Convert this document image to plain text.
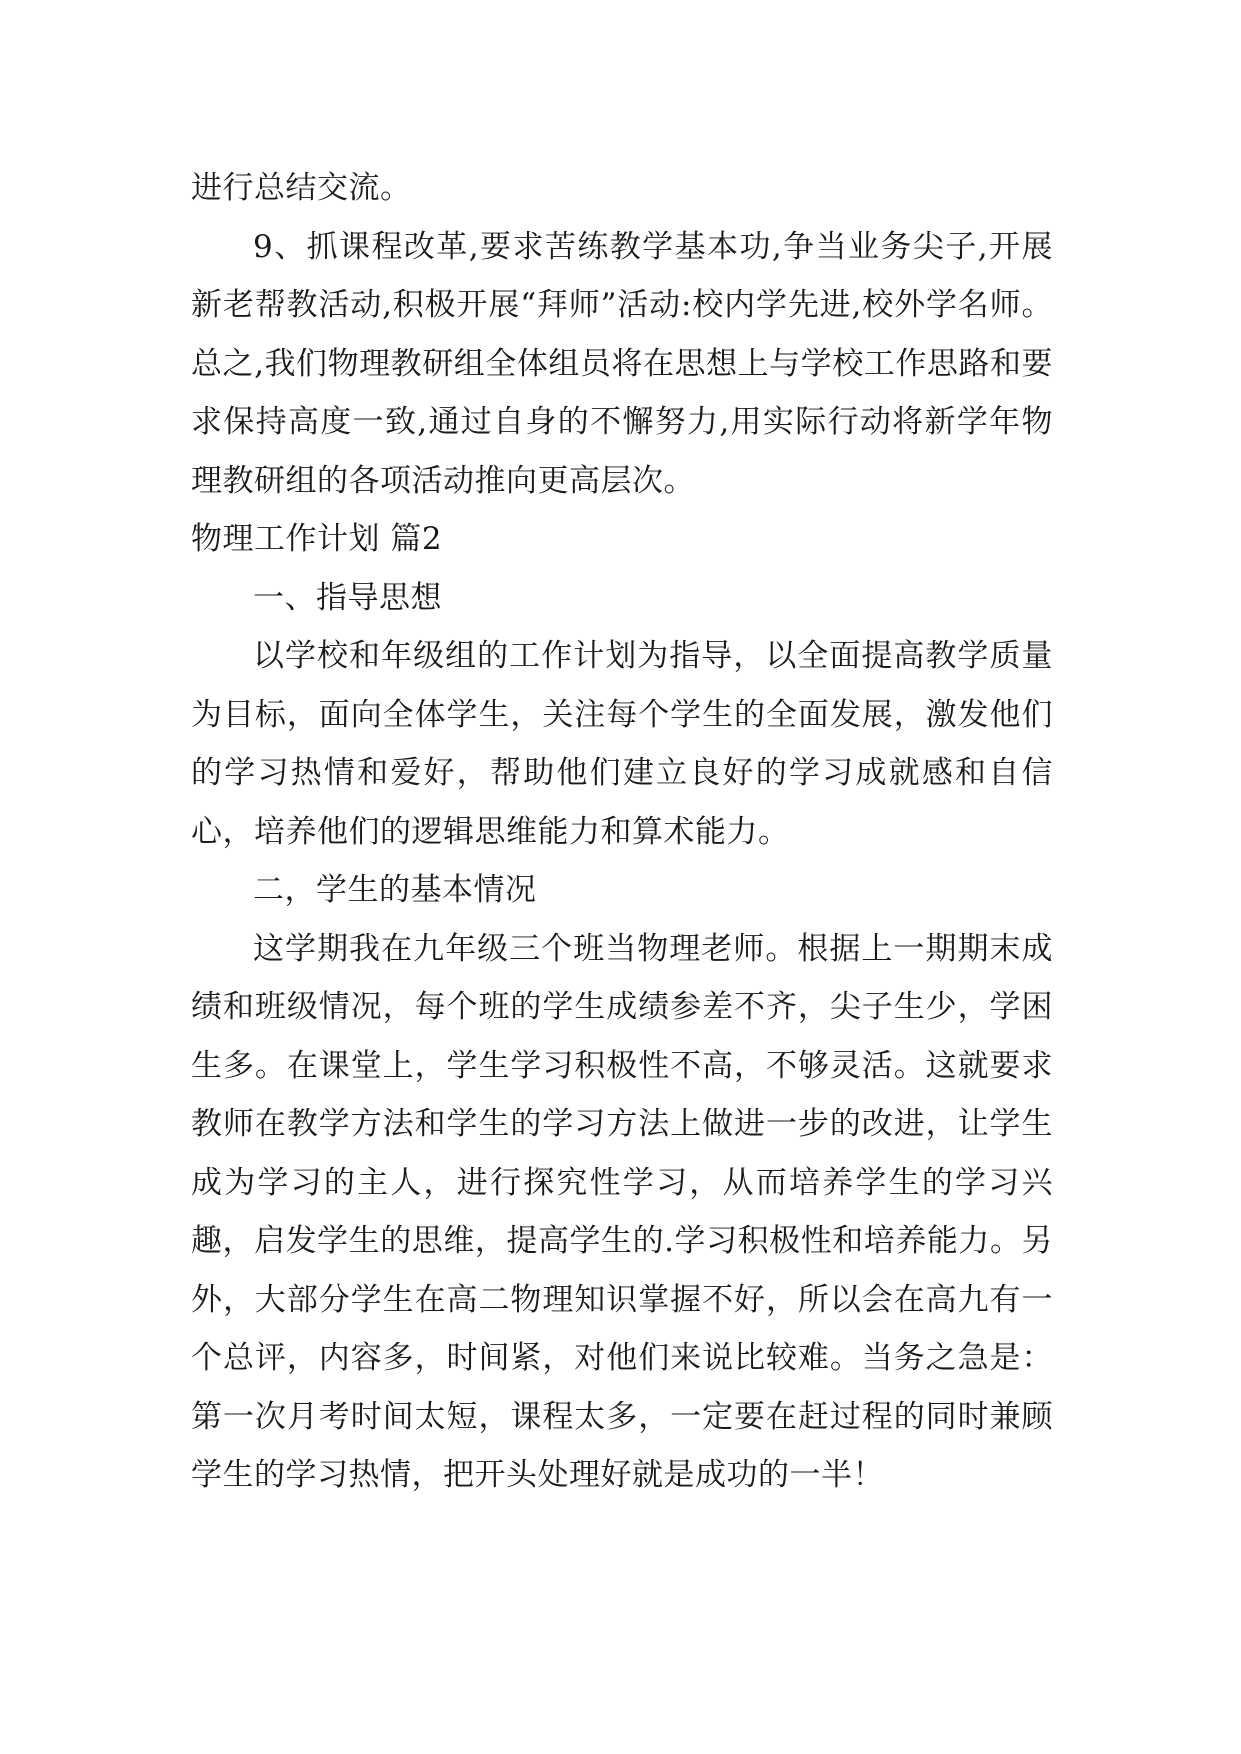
进行总结交流。

9、抓课程改革,要求苦练教学基本功,争当业务尖子,开展新老帮教活动,积极开展“拜师”活动:校内学先进,校外学名师。总之,我们物理教研组全体组员将在思想上与学校工作思路和要求保持高度一致,通过自身的不懈努力,用实际行动将新学年物理教研组的各项活动推向更高层次。

物理工作计划 篇2

一、指导思想

以学校和年级组的工作计划为指导，以全面提高教学质量为目标，面向全体学生，关注每个学生的全面发展，激发他们的学习热情和爱好，帮助他们建立良好的学习成就感和自信心，培养他们的逻辑思维能力和算术能力。

二，学生的基本情况

这学期我在九年级三个班当物理老师。根据上一期期末成绩和班级情况，每个班的学生成绩参差不齐，尖子生少，学困生多。在课堂上，学生学习积极性不高，不够灵活。这就要求教师在教学方法和学生的学习方法上做进一步的改进，让学生成为学习的主人，进行探究性学习，从而培养学生的学习兴趣，启发学生的思维，提高学生的.学习积极性和培养能力。另外，大部分学生在高二物理知识掌握不好，所以会在高九有一个总评，内容多，时间紧，对他们来说比较难。当务之急是：第一次月考时间太短，课程太多，一定要在赶过程的同时兼顾学生的学习热情，把开头处理好就是成功的一半！
